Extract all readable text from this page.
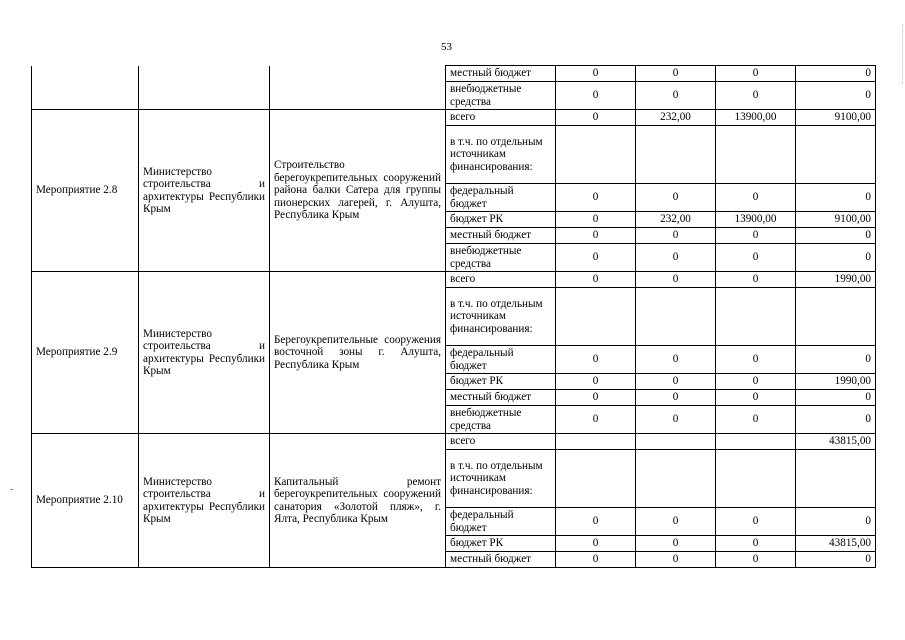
53
			местный бюджет	0	0	0	0
			внебюджетные средства	0	0	0	0
Мероприятие 2.8	Министерство строительства и архитектуры Республики Крым	Строительство берегоукрепительных сооружений района балки Сатера для группы пионерских лагерей, г. Алушта, Республика Крым	всего	0	232,00	13900,00	9100,00
			в т.ч. по отдельным источникам финансирования:				
			федеральный бюджет	0	0	0	0
			бюджет РК	0	232,00	13900,00	9100,00
			местный бюджет	0	0	0	0
			внебюджетные средства	0	0	0	0
Мероприятие 2.9	Министерство строительства и архитектуры Республики Крым	Берегоукрепительные сооружения восточной зоны г. Алушта, Республика Крым	всего	0	0	0	1990,00
			в т.ч. по отдельным источникам финансирования:				
			федеральный бюджет	0	0	0	0
			бюджет РК	0	0	0	1990,00
			местный бюджет	0	0	0	0
			внебюджетные средства	0	0	0	0
Мероприятие 2.10	Министерство строительства и архитектуры Республики Крым	Капитальный ремонт берегоукрепительных сооружений санатория «Золотой пляж», г. Ялта, Республика Крым	всего				43815,00
			в т.ч. по отдельным источникам финансирования:				
			федеральный бюджет	0	0	0	0
			бюджет РК	0	0	0	43815,00
			местный бюджет	0	0	0	0
